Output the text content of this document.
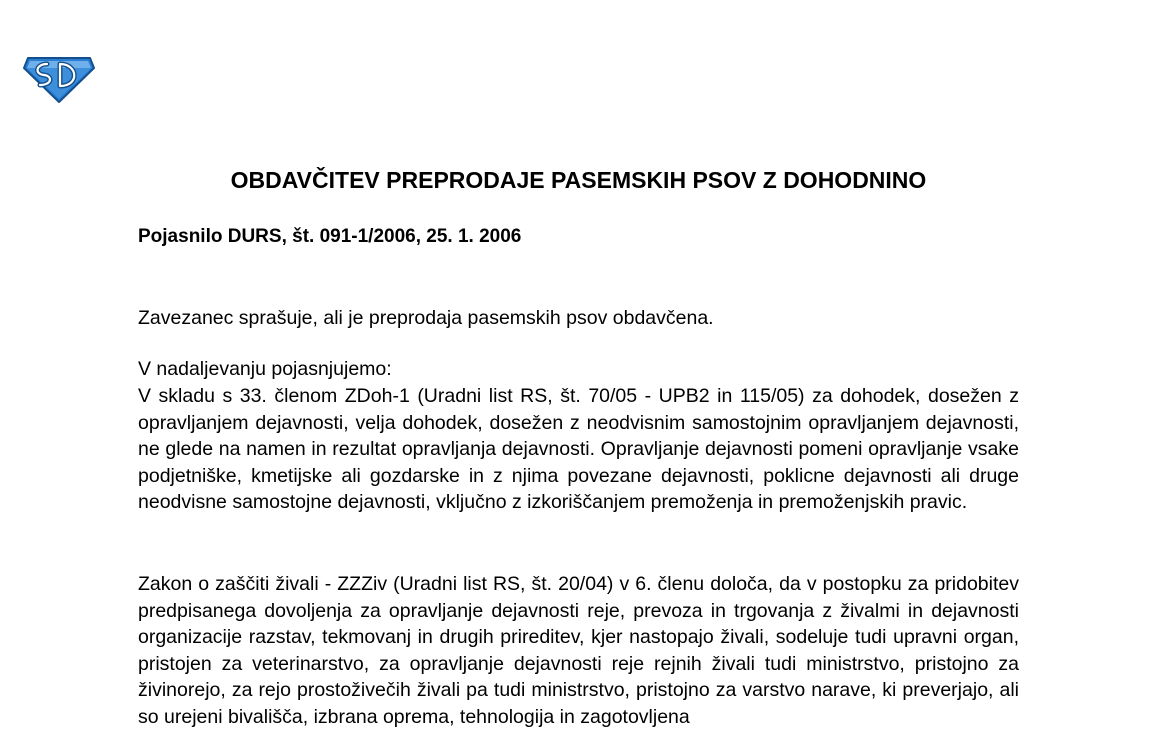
OBDAVČITEV PREPRODAJE PASEMSKIH PSOV Z DOHODNINO

Pojasnilo DURS, št. 091-1/2006, 25. 1. 2006

Zavezanec sprašuje, ali je preprodaja pasemskih psov obdavčena.

V nadaljevanju pojasnjujemo:

V skladu s 33. členom ZDoh-1 (Uradni list RS, št. 70/05 - UPB2 in 115/05) za dohodek, dosežen z opravljanjem dejavnosti, velja dohodek, dosežen z neodvisnim samostojnim opravljanjem dejavnosti, ne glede na namen in rezultat opravljanja dejavnosti. Opravljanje dejavnosti pomeni opravljanje vsake podjetniške, kmetijske ali gozdarske in z njima povezane dejavnosti, poklicne dejavnosti ali druge neodvisne samostojne dejavnosti, vključno z izkoriščanjem premoženja in premoženjskih pravic.

Zakon o zaščiti živali - ZZZiv (Uradni list RS, št. 20/04) v 6. členu določa, da v postopku za pridobitev predpisanega dovoljenja za opravljanje dejavnosti reje, prevoza in trgovanja z živalmi in dejavnosti organizacije razstav, tekmovanj in drugih prireditev, kjer nastopajo živali, sodeluje tudi upravni organ, pristojen za veterinarstvo, za opravljanje dejavnosti reje rejnih živali tudi ministrstvo, pristojno za živinorejo, za rejo prostoživečih živali pa tudi ministrstvo, pristojno za varstvo narave, ki preverjajo, ali so urejeni bivališča, izbrana oprema, tehnologija in zagotovljena
